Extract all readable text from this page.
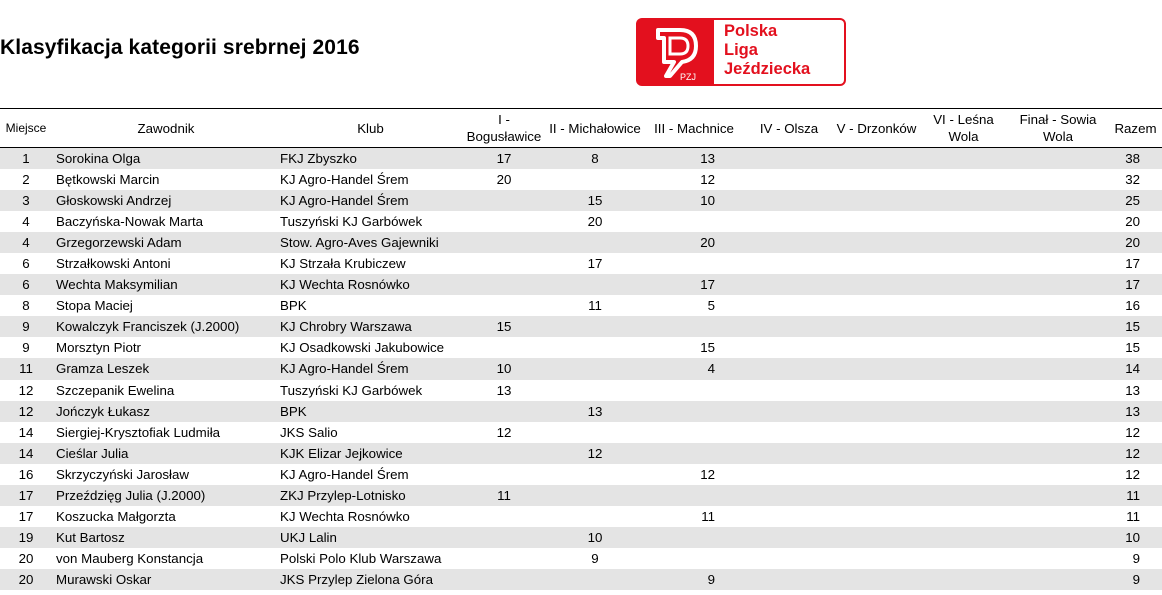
Klasyfikacja kategorii srebrnej 2016
PZJ
Polska
Liga
Jeździecka
Miejsce	Zawodnik	Klub	I - Bogusławice	II - Michałowice	III - Machnice	IV - Olsza	V - Drzonków	VI - Leśna Wola	Finał - Sowia Wola	Razem
1	Sorokina Olga	FKJ Zbyszko	17	8	13					38
2	Bętkowski Marcin	KJ Agro-Handel Śrem	20		12					32
3	Głoskowski Andrzej	KJ Agro-Handel Śrem		15	10					25
4	Baczyńska-Nowak Marta	Tuszyński KJ Garbówek		20						20
4	Grzegorzewski Adam	Stow. Agro-Aves Gajewniki			20					20
6	Strzałkowski Antoni	KJ Strzała Krubiczew		17						17
6	Wechta Maksymilian	KJ Wechta Rosnówko			17					17
8	Stopa Maciej	BPK		11	5					16
9	Kowalczyk Franciszek (J.2000)	KJ Chrobry Warszawa	15							15
9	Morsztyn Piotr	KJ Osadkowski Jakubowice			15					15
11	Gramza Leszek	KJ Agro-Handel Śrem	10		4					14
12	Szczepanik Ewelina	Tuszyński KJ Garbówek	13							13
12	Jończyk Łukasz	BPK		13						13
14	Siergiej-Krysztofiak Ludmiła	JKS Salio	12							12
14	Cieślar Julia	KJK Elizar Jejkowice		12						12
16	Skrzyczyński Jarosław	KJ Agro-Handel Śrem			12					12
17	Przeździęg Julia (J.2000)	ZKJ Przylep-Lotnisko	11							11
17	Koszucka Małgorzta	KJ Wechta Rosnówko			11					11
19	Kut Bartosz	UKJ Lalin		10						10
20	von Mauberg Konstancja	Polski Polo Klub Warszawa		9						9
20	Murawski Oskar	JKS Przylep Zielona Góra			9					9
